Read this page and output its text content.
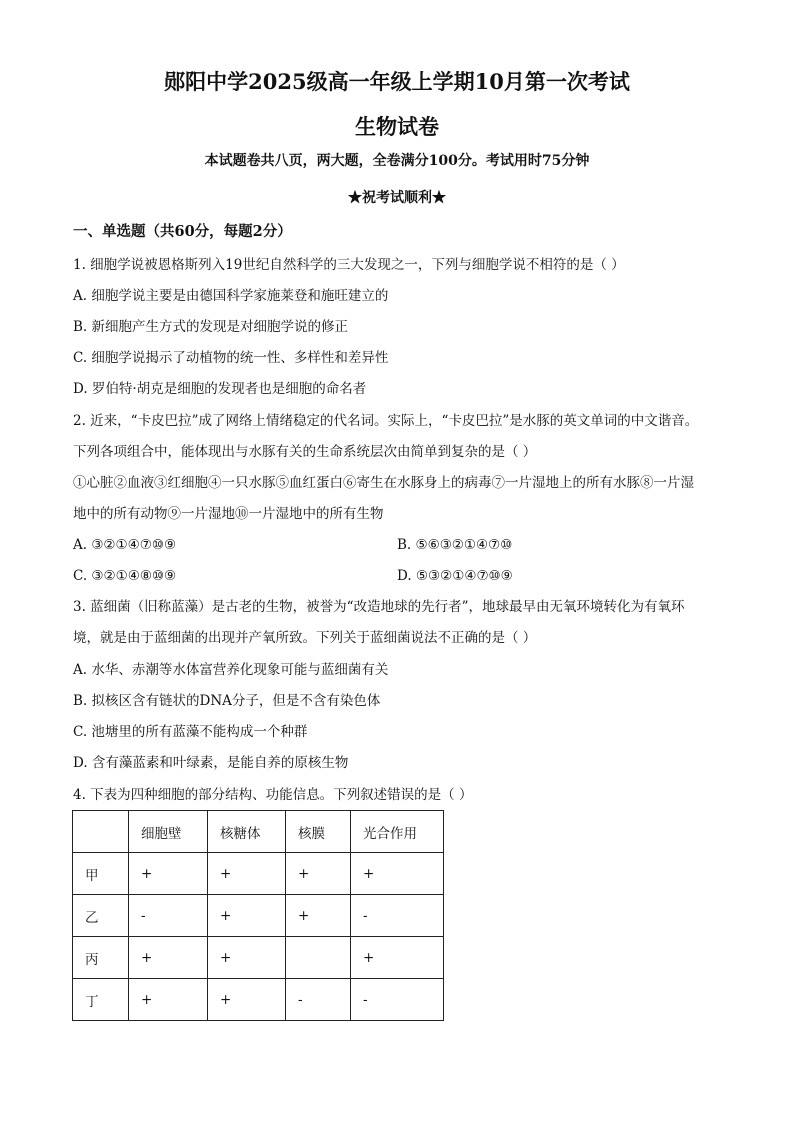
郧阳中学2025级高一年级上学期10月第一次考试
生物试卷
本试题卷共八页，两大题，全卷满分100分。考试用时75分钟
★祝考试顺利★
一、单选题（共60分，每题2分）
1. 细胞学说被恩格斯列入19世纪自然科学的三大发现之一，下列与细胞学说不相符的是（ ）
A. 细胞学说主要是由德国科学家施莱登和施旺建立的
B. 新细胞产生方式的发现是对细胞学说的修正
C. 细胞学说揭示了动植物的统一性、多样性和差异性
D. 罗伯特·胡克是细胞的发现者也是细胞的命名者
2. 近来，“卡皮巴拉”成了网络上情绪稳定的代名词。实际上，“卡皮巴拉”是水豚的英文单词的中文谐音。
下列各项组合中，能体现出与水豚有关的生命系统层次由简单到复杂的是（ ）
①心脏②血液③红细胞④一只水豚⑤血红蛋白⑥寄生在水豚身上的病毒⑦一片湿地上的所有水豚⑧一片湿
地中的所有动物⑨一片湿地⑩一片湿地中的所有生物
A. ③②①④⑦⑩⑨	B. ⑤⑥③②①④⑦⑩
C. ③②①④⑧⑩⑨	D. ⑤③②①④⑦⑩⑨
3. 蓝细菌（旧称蓝藻）是古老的生物，被誉为“改造地球的先行者”，地球最早由无氧环境转化为有氧环
境，就是由于蓝细菌的出现并产氧所致。下列关于蓝细菌说法不正确的是（ ）
A. 水华、赤潮等水体富营养化现象可能与蓝细菌有关
B. 拟核区含有链状的DNA分子，但是不含有染色体
C. 池塘里的所有蓝藻不能构成一个种群
D. 含有藻蓝素和叶绿素，是能自养的原核生物
4. 下表为四种细胞的部分结构、功能信息。下列叙述错误的是（ ）
	细胞壁	核糖体	核膜	光合作用
甲	+	+	+	+
乙	-	+	+	-
丙	+	+		+
丁	+	+	-	-
